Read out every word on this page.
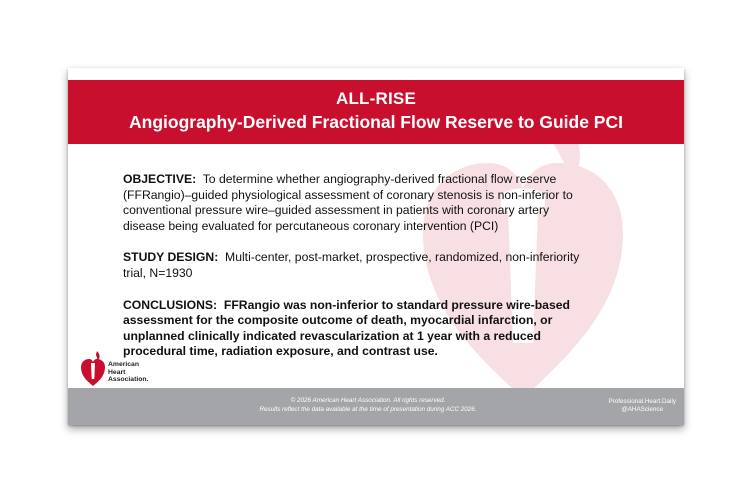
ALL-RISE
Angiography-Derived Fractional Flow Reserve to Guide PCI

OBJECTIVE: To determine whether angiography-derived fractional flow reserve (FFRangio)–guided physiological assessment of coronary stenosis is non-inferior to conventional pressure wire–guided assessment in patients with coronary artery disease being evaluated for percutaneous coronary intervention (PCI)

STUDY DESIGN: Multi-center, post-market, prospective, randomized, non-inferiority trial, N=1930

CONCLUSIONS: FFRangio was non-inferior to standard pressure wire-based assessment for the composite outcome of death, myocardial infarction, or unplanned clinically indicated revascularization at 1 year with a reduced procedural time, radiation exposure, and contrast use.

American
Heart
Association.
© 2026 American Heart Association. All rights reserved.
Results reflect the data available at the time of presentation during ACC 2026.
Professional.Heart.Daily
@AHAScience
